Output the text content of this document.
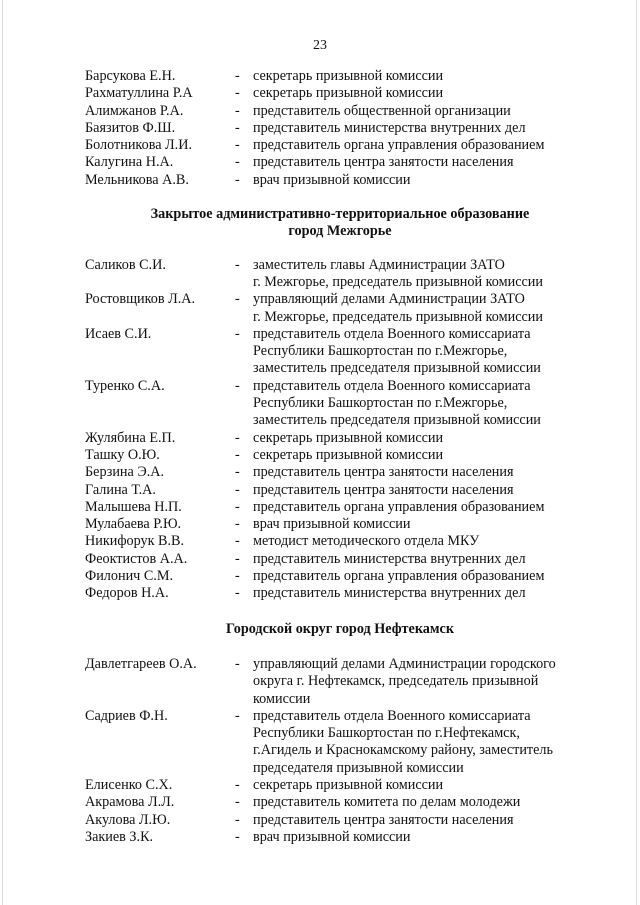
23
Барсукова Е.Н.	- секретарь призывной комиссии
Рахматуллина Р.А	- секретарь призывной комиссии
Алимжанов Р.А.	- представитель общественной организации
Баязитов Ф.Ш.	- представитель министерства внутренних дел
Болотникова Л.И.	- представитель органа управления образованием
Калугина Н.А.	- представитель центра занятости населения
Мельникова А.В.	- врач призывной комиссии
Закрытое административно-территориальное образование
город Межгорье
Саликов С.И.	- заместитель главы Администрации ЗАТО
г. Межгорье, председатель призывной комиссии
Ростовщиков Л.А.	- управляющий делами Администрации ЗАТО
г. Межгорье, председатель призывной комиссии
Исаев С.И.	- представитель отдела Военного комиссариата
Республики Башкортостан по г.Межгорье,
заместитель председателя призывной комиссии
Туренко С.А.	- представитель отдела Военного комиссариата
Республики Башкортостан по г.Межгорье,
заместитель председателя призывной комиссии
Жулябина Е.П.	- секретарь призывной комиссии
Ташку О.Ю.	- секретарь призывной комиссии
Берзина Э.А.	- представитель центра занятости населения
Галина Т.А.	- представитель центра занятости населения
Малышева Н.П.	- представитель органа управления образованием
Мулабаева Р.Ю.	- врач призывной комиссии
Никифорук В.В.	- методист методического отдела МКУ
Феоктистов А.А.	- представитель министерства внутренних дел
Филонич С.М.	- представитель органа управления образованием
Федоров Н.А.	- представитель министерства внутренних дел
Городской округ город Нефтекамск
Давлетгареев О.А.	- управляющий делами Администрации городского
округа г. Нефтекамск, председатель призывной
комиссии
Садриев Ф.Н.	- представитель отдела Военного комиссариата
Республики Башкортостан по г.Нефтекамск,
г.Агидель и Краснокамскому району, заместитель
председателя призывной комиссии
Елисенко С.Х.	- секретарь призывной комиссии
Акрамова Л.Л.	- представитель комитета по делам молодежи
Акулова Л.Ю.	- представитель центра занятости населения
Закиев З.К.	- врач призывной комиссии
